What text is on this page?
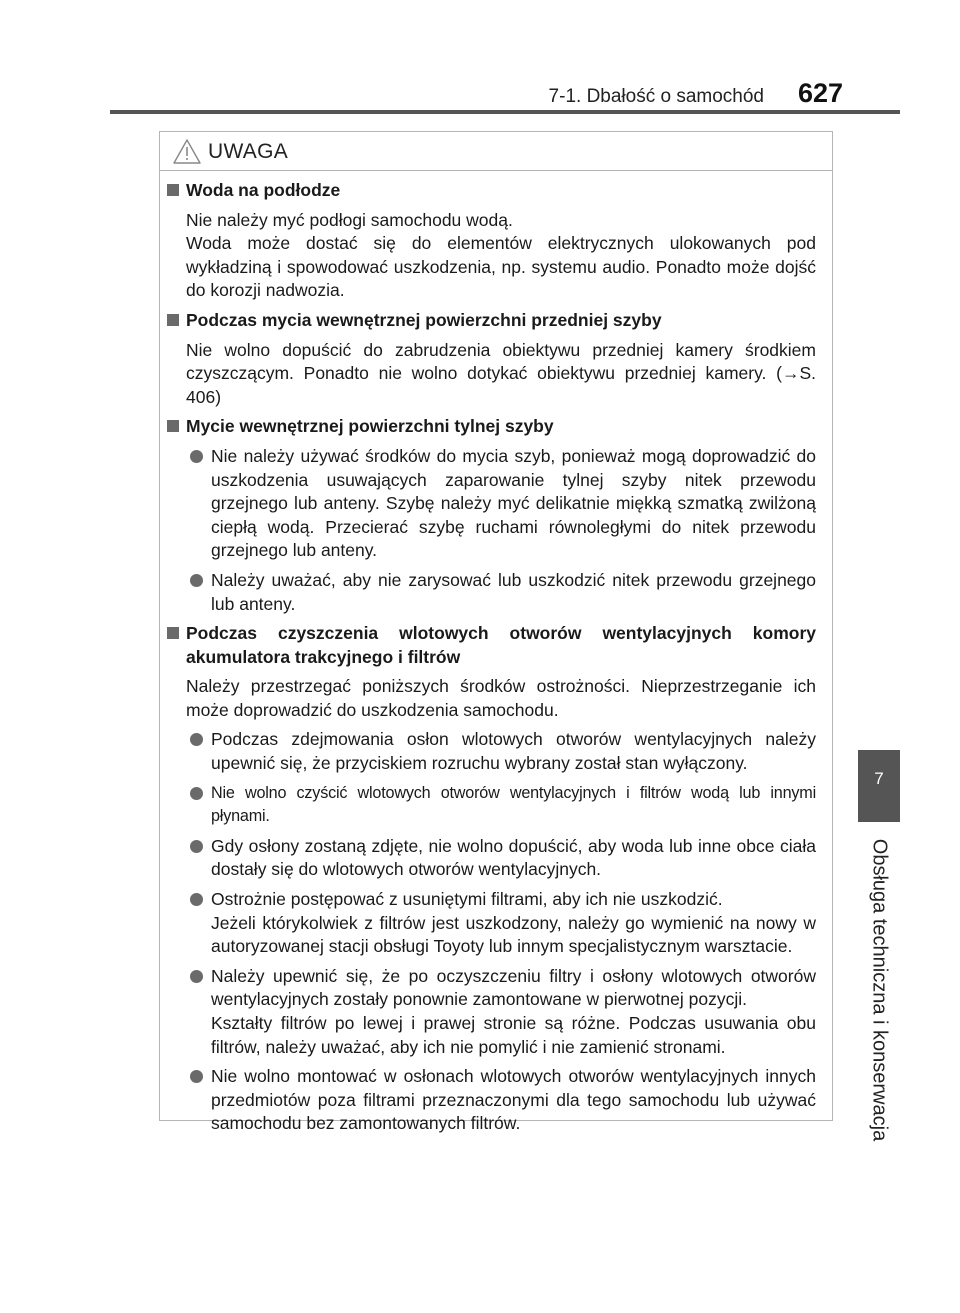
7-1. Dbałość o samochód 627
7
Obsługa techniczna i konserwacja
UWAGA
Woda na podłodze
Nie należy myć podłogi samochodu wodą.
Woda może dostać się do elementów elektrycznych ulokowanych pod wykładziną i spowodować uszkodzenia, np. systemu audio. Ponadto może dojść do korozji nadwozia.
Podczas mycia wewnętrznej powierzchni przedniej szyby
Nie wolno dopuścić do zabrudzenia obiektywu przedniej kamery środkiem czyszczącym. Ponadto nie wolno dotykać obiektywu przedniej kamery. (→S. 406)
Mycie wewnętrznej powierzchni tylnej szyby
Nie należy używać środków do mycia szyb, ponieważ mogą doprowadzić do uszkodzenia usuwających zaparowanie tylnej szyby nitek przewodu grzejnego lub anteny. Szybę należy myć delikatnie miękką szmatką zwilżoną ciepłą wodą. Przecierać szybę ruchami równoległymi do nitek przewodu grzejnego lub anteny.
Należy uważać, aby nie zarysować lub uszkodzić nitek przewodu grzejnego lub anteny.
Podczas czyszczenia wlotowych otworów wentylacyjnych komory akumulatora trakcyjnego i filtrów
Należy przestrzegać poniższych środków ostrożności. Nieprzestrzeganie ich może doprowadzić do uszkodzenia samochodu.
Podczas zdejmowania osłon wlotowych otworów wentylacyjnych należy upewnić się, że przyciskiem rozruchu wybrany został stan wyłączony.
Nie wolno czyścić wlotowych otworów wentylacyjnych i filtrów wodą lub innymi płynami.
Gdy osłony zostaną zdjęte, nie wolno dopuścić, aby woda lub inne obce ciała dostały się do wlotowych otworów wentylacyjnych.
Ostrożnie postępować z usuniętymi filtrami, aby ich nie uszkodzić.
Jeżeli którykolwiek z filtrów jest uszkodzony, należy go wymienić na nowy w autoryzowanej stacji obsługi Toyoty lub innym specjalistycznym warsztacie.
Należy upewnić się, że po oczyszczeniu filtry i osłony wlotowych otworów wentylacyjnych zostały ponownie zamontowane w pierwotnej pozycji.
Kształty filtrów po lewej i prawej stronie są różne. Podczas usuwania obu filtrów, należy uważać, aby ich nie pomylić i nie zamienić stronami.
Nie wolno montować w osłonach wlotowych otworów wentylacyjnych innych przedmiotów poza filtrami przeznaczonymi dla tego samochodu lub używać samochodu bez zamontowanych filtrów.
